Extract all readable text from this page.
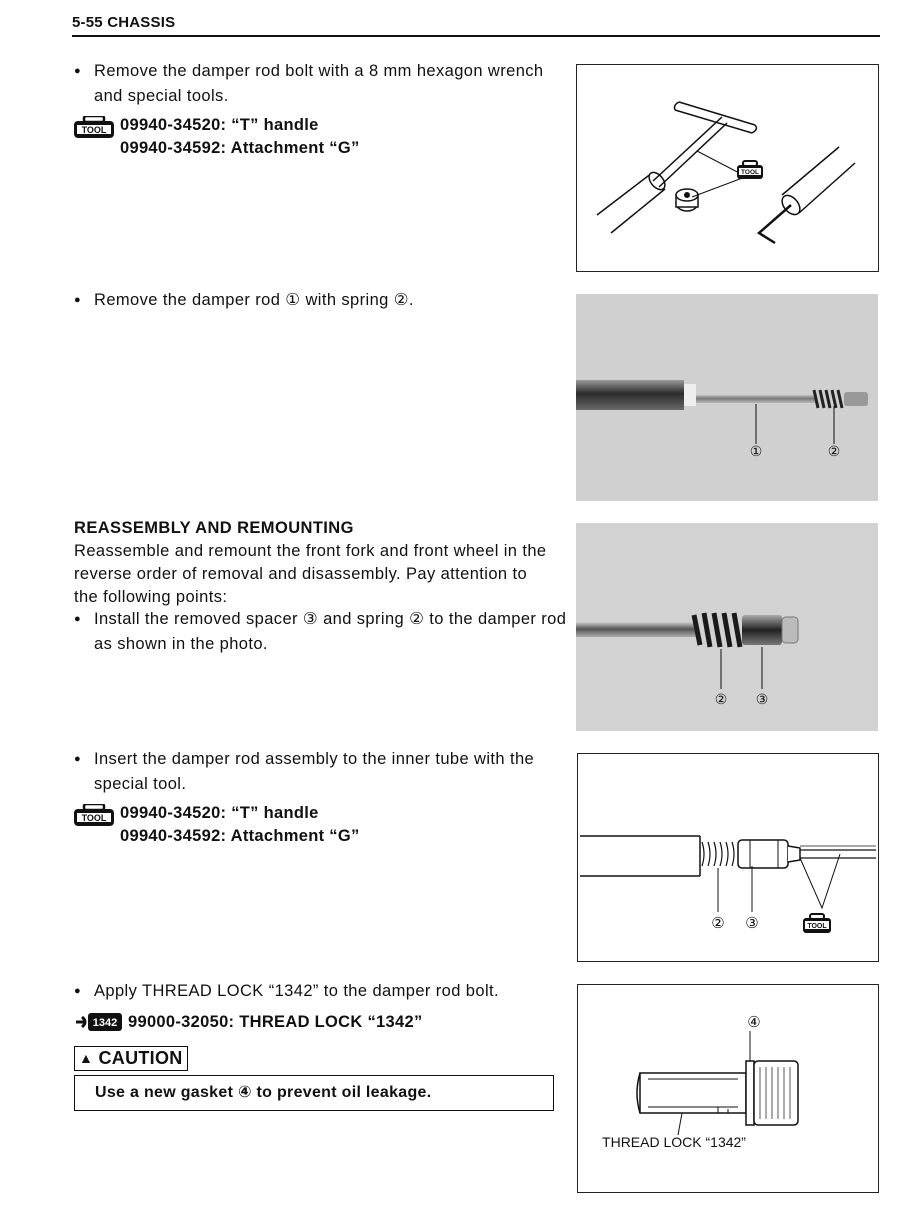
5-55 CHASSIS
● Remove the damper rod bolt with a 8 mm hexagon wrench and special tools.
TOOL 09940-34520: “T” handle
09940-34592: Attachment “G”
TOOL
● Remove the damper rod ① with spring ②.
①	②
REASSEMBLY AND REMOUNTING
Reassemble and remount the front fork and front wheel in the reverse order of removal and disassembly. Pay attention to the following points:
● Install the removed spacer ③ and spring ② to the damper rod as shown in the photo.
② ③
● Insert the damper rod assembly to the inner tube with the special tool.
TOOL 09940-34520: “T” handle
09940-34592: Attachment “G”
② ③	TOOL
● Apply THREAD LOCK “1342” to the damper rod bolt.
1342 99000-32050: THREAD LOCK “1342”
▲ CAUTION
Use a new gasket ④ to prevent oil leakage.
④
THREAD LOCK “1342”
